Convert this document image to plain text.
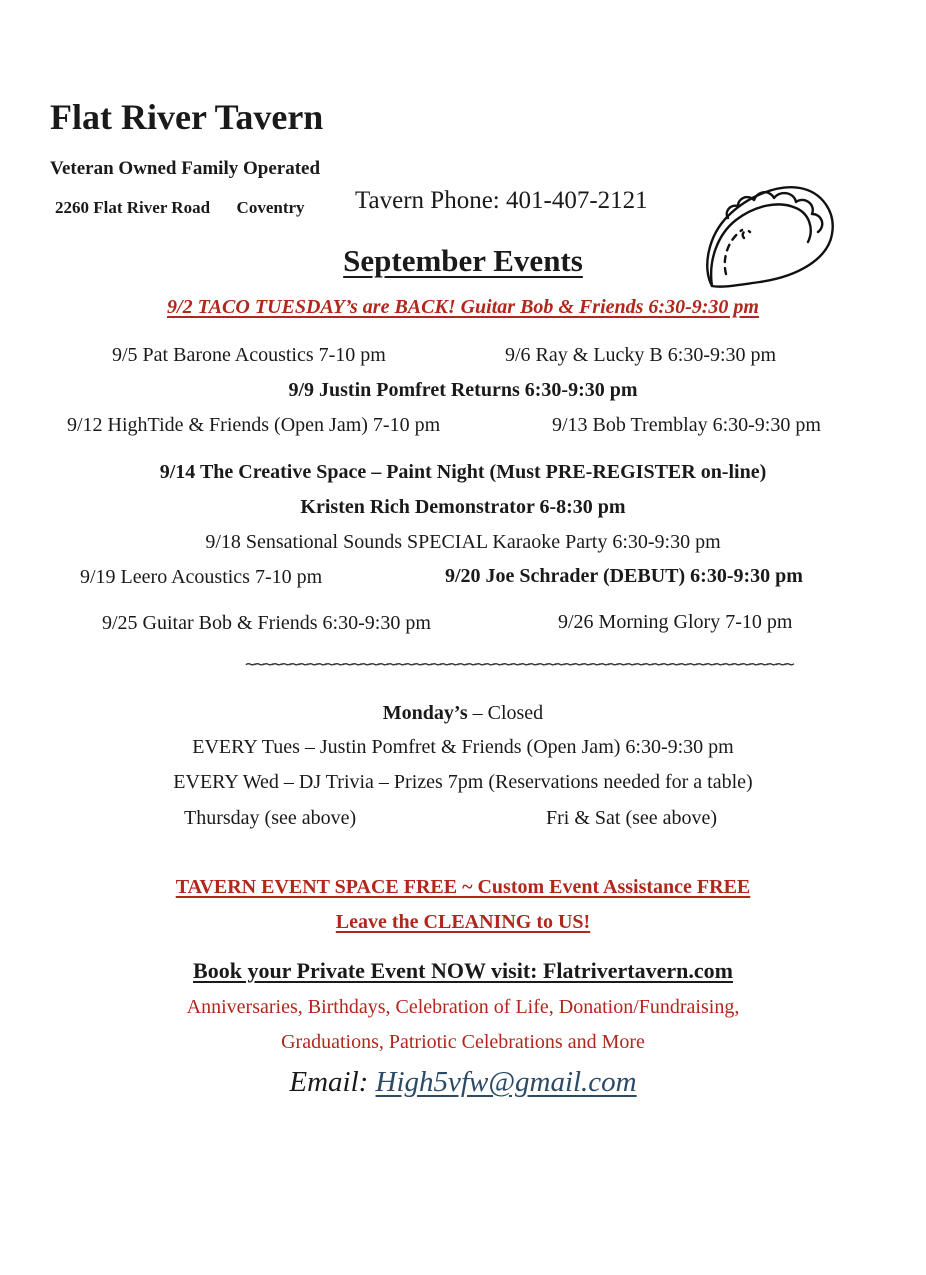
Flat River Tavern
Veteran Owned Family Operated
2260 Flat River Road Coventry Tavern Phone: 401-407-2121
September Events
9/2 TACO TUESDAY’s are BACK! Guitar Bob & Friends 6:30-9:30 pm
9/5 Pat Barone Acoustics 7-10 pm	9/6 Ray & Lucky B 6:30-9:30 pm
9/9 Justin Pomfret Returns 6:30-9:30 pm
9/12 HighTide & Friends (Open Jam) 7-10 pm	9/13 Bob Tremblay 6:30-9:30 pm
9/14 The Creative Space – Paint Night (Must PRE-REGISTER on-line)
Kristen Rich Demonstrator 6-8:30 pm
9/18 Sensational Sounds SPECIAL Karaoke Party 6:30-9:30 pm
9/19 Leero Acoustics 7-10 pm	9/20 Joe Schrader (DEBUT) 6:30-9:30 pm
9/25 Guitar Bob & Friends 6:30-9:30 pm	9/26 Morning Glory 7-10 pm
~~~~~~~~~~~~~~~~~~~~~~~~~~~~~~~~~~~~~~~~~~~~~~~~~~~~~~~~~~~~~~
Monday’s – Closed
EVERY Tues – Justin Pomfret & Friends (Open Jam) 6:30-9:30 pm
EVERY Wed – DJ Trivia – Prizes 7pm (Reservations needed for a table)
Thursday (see above)	Fri & Sat (see above)
TAVERN EVENT SPACE FREE ~ Custom Event Assistance FREE
Leave the CLEANING to US!
Book your Private Event NOW visit: Flatrivertavern.com
Anniversaries, Birthdays, Celebration of Life, Donation/Fundraising,
Graduations, Patriotic Celebrations and More
Email: High5vfw@gmail.com
